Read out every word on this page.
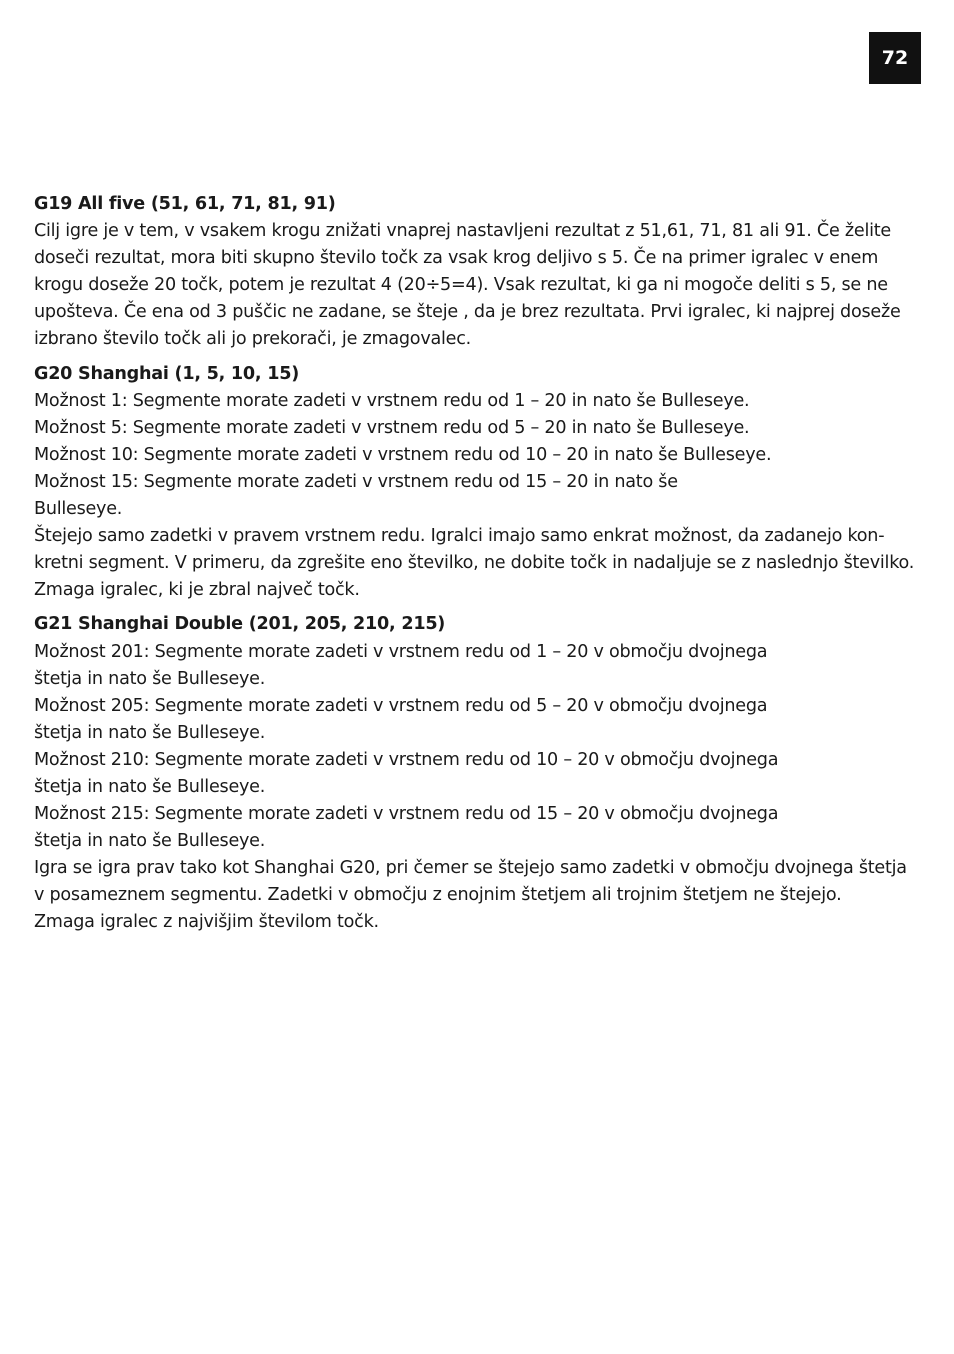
72
G19 All five (51, 61, 71, 81, 91)
Cilj igre je v tem, v vsakem krogu znižati vnaprej nastavljeni rezultat z 51,61, 71, 81 ali 91. Če želite
doseči rezultat, mora biti skupno število točk za vsak krog deljivo s 5. Če na primer igralec v enem
krogu doseže 20 točk, potem je rezultat 4 (20÷5=4). Vsak rezultat, ki ga ni mogoče deliti s 5, se ne
upošteva. Če ena od 3 puščic ne zadane, se šteje , da je brez rezultata. Prvi igralec, ki najprej doseže
izbrano število točk ali jo prekorači, je zmagovalec.
G20 Shanghai (1, 5, 10, 15)
Možnost 1: Segmente morate zadeti v vrstnem redu od 1 – 20 in nato še Bulleseye.
Možnost 5: Segmente morate zadeti v vrstnem redu od 5 – 20 in nato še Bulleseye.
Možnost 10: Segmente morate zadeti v vrstnem redu od 10 – 20 in nato še Bulleseye.
Možnost 15: Segmente morate zadeti v vrstnem redu od 15 – 20 in nato še
Bulleseye.
Štejejo samo zadetki v pravem vrstnem redu. Igralci imajo samo enkrat možnost, da zadanejo kon-
kretni segment. V primeru, da zgrešite eno številko, ne dobite točk in nadaljuje se z naslednjo številko.
Zmaga igralec, ki je zbral največ točk.
G21 Shanghai Double (201, 205, 210, 215)
Možnost 201: Segmente morate zadeti v vrstnem redu od 1 – 20 v območju dvojnega
štetja in nato še Bulleseye.
Možnost 205: Segmente morate zadeti v vrstnem redu od 5 – 20 v območju dvojnega
štetja in nato še Bulleseye.
Možnost 210: Segmente morate zadeti v vrstnem redu od 10 – 20 v območju dvojnega
štetja in nato še Bulleseye.
Možnost 215: Segmente morate zadeti v vrstnem redu od 15 – 20 v območju dvojnega
štetja in nato še Bulleseye.
Igra se igra prav tako kot Shanghai G20, pri čemer se štejejo samo zadetki v območju dvojnega štetja
v posameznem segmentu. Zadetki v območju z enojnim štetjem ali trojnim štetjem ne štejejo.
Zmaga igralec z najvišjim številom točk.
